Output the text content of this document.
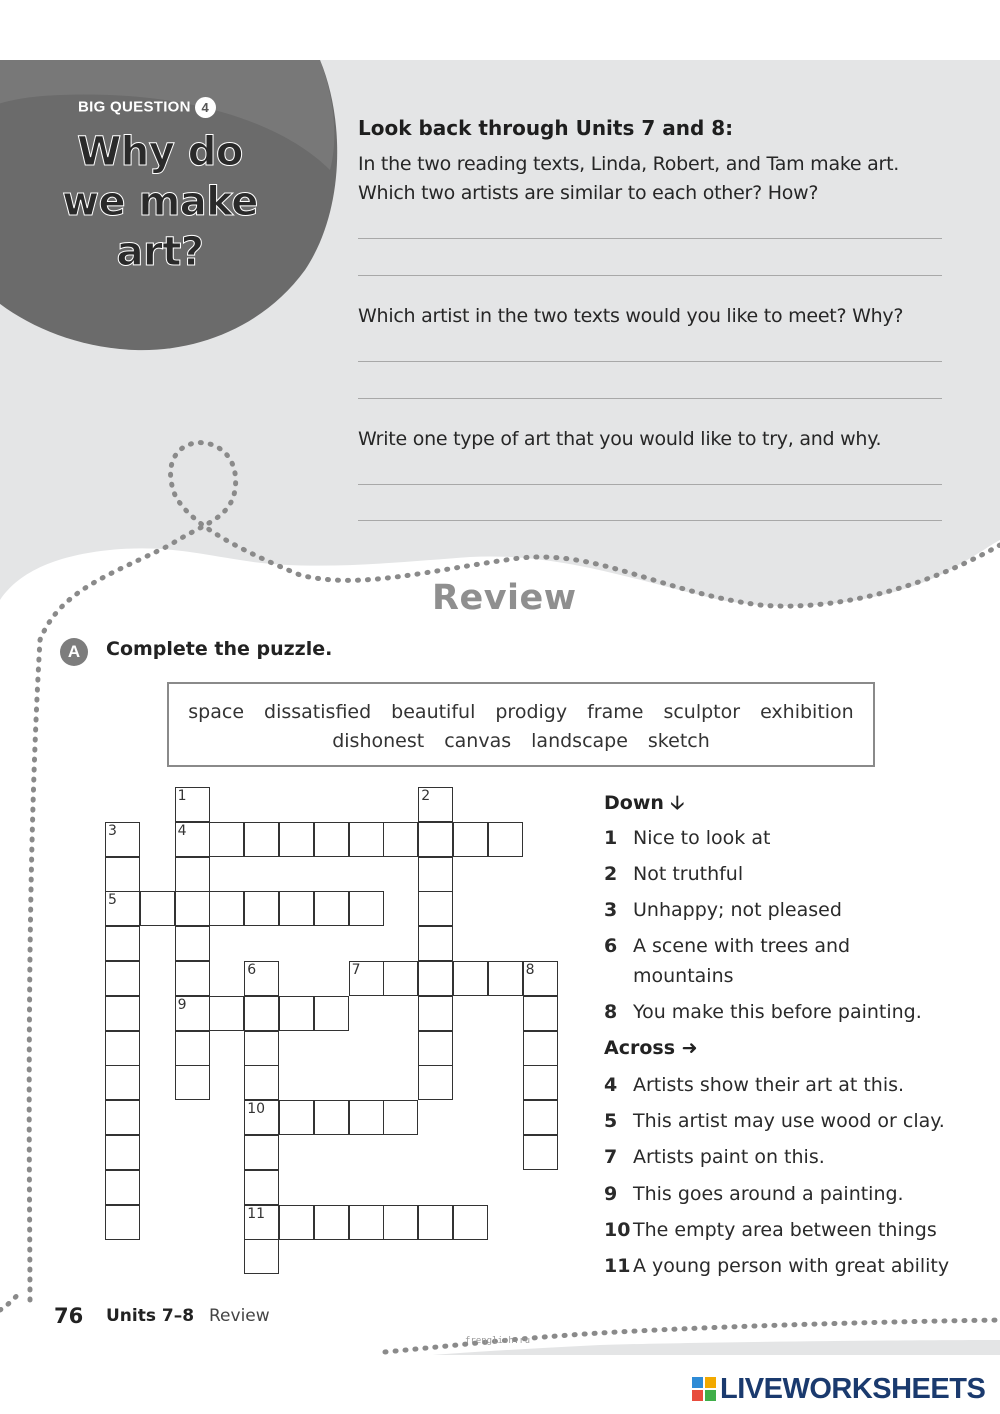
BIG QUESTION 4
Why do
we make
art?
Look back through Units 7 and 8:
In the two reading texts, Linda, Robert, and Tam make art.
Which two artists are similar to each other? How?
Which artist in the two texts would you like to meet? Why?
Write one type of art that you would like to try, and why.
Review
A	Complete the puzzle.
space dissatisfied beautiful prodigy frame sculptor exhibition
dishonest canvas landscape sketch
1	2
3	4
5
6	7	8
9
10
11
Down 🡣
1 Nice to look at
2 Not truthful
3 Unhappy; not pleased
6 A scene with trees and mountains
8 You make this before painting.
Across ➜
4 Artists show their art at this.
5 This artist may use wood or clay.
7 Artists paint on this.
9 This goes around a painting.
10 The empty area between things
11 A young person with great ability
76 Units 7–8 Review
frenglish.ru
LIVEWORKSHEETS
